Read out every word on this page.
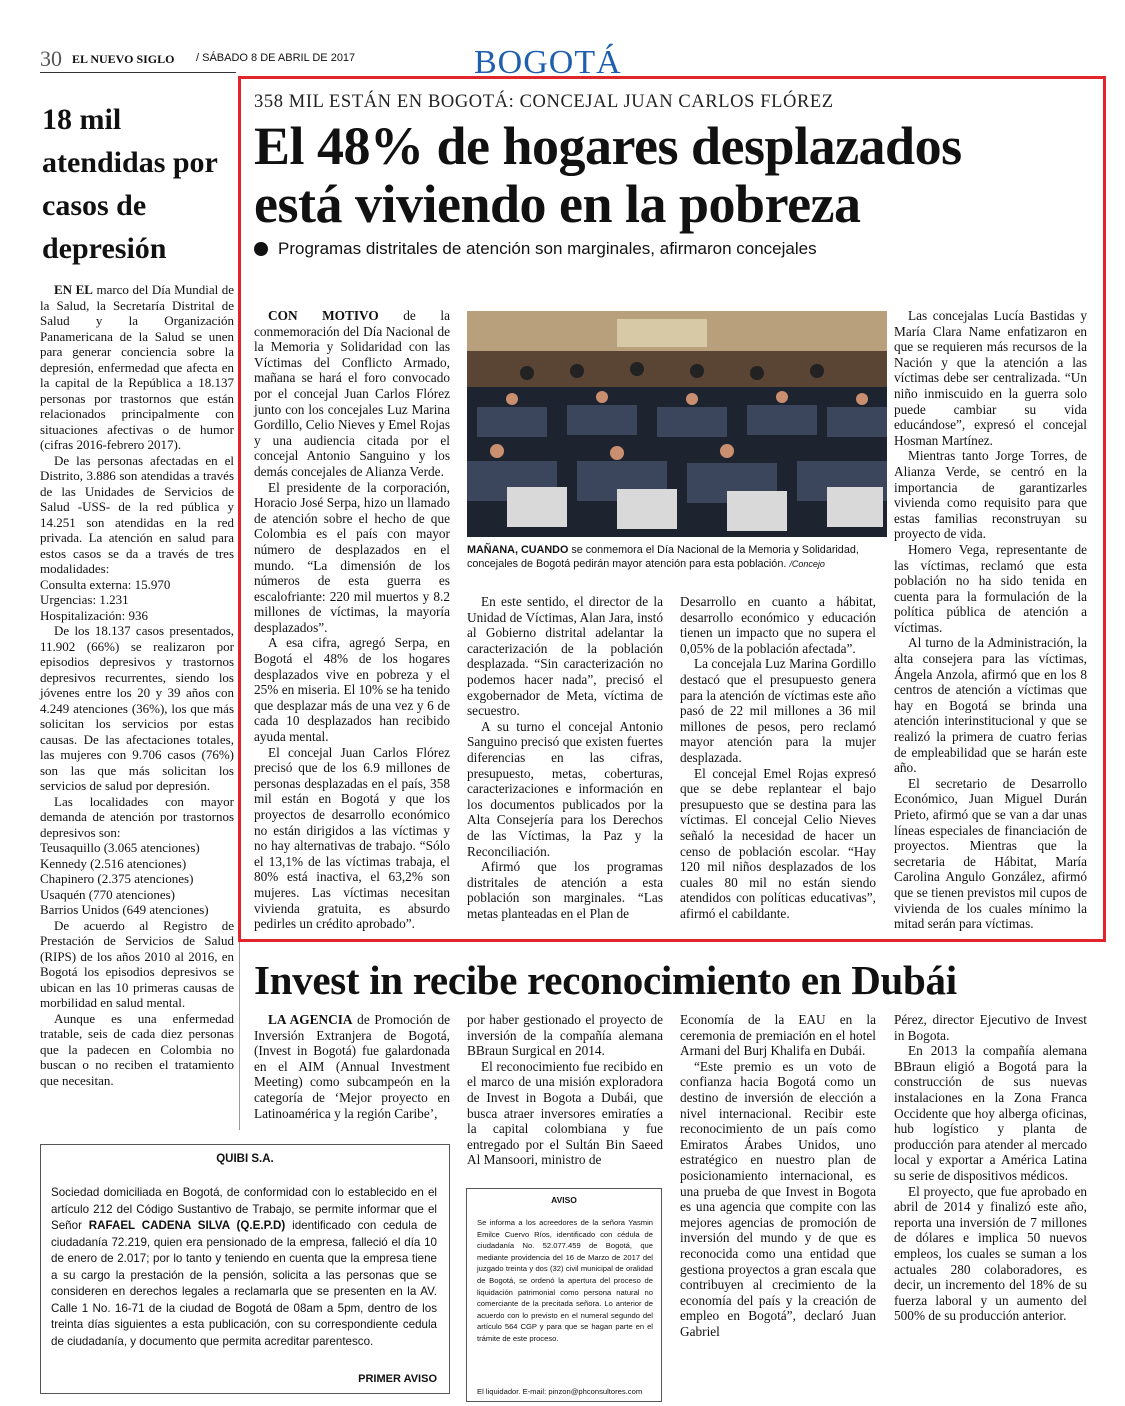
30 EL NUEVO SIGLO / SÁBADO 8 DE ABRIL DE 2017	BOGOTÁ
18 mil atendidas por casos de depresión

EN EL marco del Día Mundial de la Salud, la Secretaría Distrital de Salud y la Organización Panamericana de la Salud se unen para generar conciencia sobre la depresión, enfermedad que afecta en la capital de la República a 18.137 personas por trastornos que están relacionados principalmente con situaciones afectivas o de humor (cifras 2016-febrero 2017).

De las personas afectadas en el Distrito, 3.886 son atendidas a través de las Unidades de Servicios de Salud -USS- de la red pública y 14.251 son atendidas en la red privada. La atención en salud para estos casos se da a través de tres modalidades:

Consulta externa: 15.970
Urgencias: 1.231
Hospitalización: 936

De los 18.137 casos presentados, 11.902 (66%) se realizaron por episodios depresivos y trastornos depresivos recurrentes, siendo los jóvenes entre los 20 y 39 años con 4.249 atenciones (36%), los que más solicitan los servicios por estas causas. De las afectaciones totales, las mujeres con 9.706 casos (76%) son las que más solicitan los servicios de salud por depresión.

Las localidades con mayor demanda de atención por trastornos depresivos son:

Teusaquillo (3.065 atenciones)
Kennedy (2.516 atenciones)
Chapinero (2.375 atenciones)
Usaquén (770 atenciones)
Barrios Unidos (649 atenciones)

De acuerdo al Registro de Prestación de Servicios de Salud (RIPS) de los años 2010 al 2016, en Bogotá los episodios depresivos se ubican en las 10 primeras causas de morbilidad en salud mental.

Aunque es una enfermedad tratable, seis de cada diez personas que la padecen en Colombia no buscan o no reciben el tratamiento que necesitan.

358 MIL ESTÁN EN BOGOTÁ: CONCEJAL JUAN CARLOS FLÓREZ
El 48% de hogares desplazados
está viviendo en la pobreza
Programas distritales de atención son marginales, afirmaron concejales

CON MOTIVO de la conmemoración del Día Nacional de la Memoria y Solidaridad con las Víctimas del Conflicto Armado, mañana se hará el foro convocado por el concejal Juan Carlos Flórez junto con los concejales Luz Marina Gordillo, Celio Nieves y Emel Rojas y una audiencia citada por el concejal Antonio Sanguino y los demás concejales de Alianza Verde.

El presidente de la corporación, Horacio José Serpa, hizo un llamado de atención sobre el hecho de que Colombia es el país con mayor número de desplazados en el mundo. “La dimensión de los números de esta guerra es escalofriante: 220 mil muertos y 8.2 millones de víctimas, la mayoría desplazados”.

A esa cifra, agregó Serpa, en Bogotá el 48% de los hogares desplazados vive en pobreza y el 25% en miseria. El 10% se ha tenido que desplazar más de una vez y 6 de cada 10 desplazados han recibido ayuda mental.

El concejal Juan Carlos Flórez precisó que de los 6.9 millones de personas desplazadas en el país, 358 mil están en Bogotá y que los proyectos de desarrollo económico no están dirigidos a las víctimas y no hay alternativas de trabajo. “Sólo el 13,1% de las víctimas trabaja, el 80% está inactiva, el 63,2% son mujeres. Las víctimas necesitan vivienda gratuita, es absurdo pedirles un crédito aprobado”.

MAÑANA, CUANDO se conmemora el Día Nacional de la Memoria y Solidaridad, concejales de Bogotá pedirán mayor atención para esta población. /Concejo

En este sentido, el director de la Unidad de Víctimas, Alan Jara, instó al Gobierno distrital adelantar la caracterización de la población desplazada. “Sin caracterización no podemos hacer nada”, precisó el exgobernador de Meta, víctima de secuestro.

A su turno el concejal Antonio Sanguino precisó que existen fuertes diferencias en las cifras, presupuesto, metas, coberturas, caracterizaciones e información en los documentos publicados por la Alta Consejería para los Derechos de las Víctimas, la Paz y la Reconciliación.

Afirmó que los programas distritales de atención a esta población son marginales. “Las metas planteadas en el Plan de

Desarrollo en cuanto a hábitat, desarrollo económico y educación tienen un impacto que no supera el 0,05% de la población afectada”.

La concejala Luz Marina Gordillo destacó que el presupuesto genera para la atención de víctimas este año pasó de 22 mil millones a 36 mil millones de pesos, pero reclamó mayor atención para la mujer desplazada.

El concejal Emel Rojas expresó que se debe replantear el bajo presupuesto que se destina para las víctimas. El concejal Celio Nieves señaló la necesidad de hacer un censo de población escolar. “Hay 120 mil niños desplazados de los cuales 80 mil no están siendo atendidos con políticas educativas”, afirmó el cabildante.

Las concejalas Lucía Bastidas y María Clara Name enfatizaron en que se requieren más recursos de la Nación y que la atención a las víctimas debe ser centralizada. “Un niño inmiscuido en la guerra solo puede cambiar su vida educándose”, expresó el concejal Hosman Martínez.

Mientras tanto Jorge Torres, de Alianza Verde, se centró en la importancia de garantizarles vivienda como requisito para que estas familias reconstruyan su proyecto de vida.

Homero Vega, representante de las víctimas, reclamó que esta población no ha sido tenida en cuenta para la formulación de la política pública de atención a víctimas.

Al turno de la Administración, la alta consejera para las víctimas, Ángela Anzola, afirmó que en los 8 centros de atención a víctimas que hay en Bogotá se brinda una atención interinstitucional y que se realizó la primera de cuatro ferias de empleabilidad que se harán este año.

El secretario de Desarrollo Económico, Juan Miguel Durán Prieto, afirmó que se van a dar unas líneas especiales de financiación de proyectos. Mientras que la secretaria de Hábitat, María Carolina Angulo González, afirmó que se tienen previstos mil cupos de vivienda de los cuales mínimo la mitad serán para víctimas.

Invest in recibe reconocimiento en Dubái

LA AGENCIA de Promoción de Inversión Extranjera de Bogotá, (Invest in Bogotá) fue galardonada en el AIM (Annual Investment Meeting) como subcampeón en la categoría de ‘Mejor proyecto en Latinoamérica y la región Caribe’,

por haber gestionado el proyecto de inversión de la compañía alemana BBraun Surgical en 2014.

El reconocimiento fue recibido en el marco de una misión exploradora de Invest in Bogota a Dubái, que busca atraer inversores emiratíes a la capital colombiana y fue entregado por el Sultán Bin Saeed Al Mansoori, ministro de

Economía de la EAU en la ceremonia de premiación en el hotel Armani del Burj Khalifa en Dubái.

“Este premio es un voto de confianza hacia Bogotá como un destino de inversión de elección a nivel internacional. Recibir este reconocimiento de un país como Emiratos Árabes Unidos, uno estratégico en nuestro plan de posicionamiento internacional, es una prueba de que Invest in Bogota es una agencia que compite con las mejores agencias de promoción de inversión del mundo y de que es reconocida como una entidad que gestiona proyectos a gran escala que contribuyen al crecimiento de la economía del país y la creación de empleo en Bogotá”, declaró Juan Gabriel

Pérez, director Ejecutivo de Invest in Bogota.

En 2013 la compañía alemana BBraun eligió a Bogotá para la construcción de sus nuevas instalaciones en la Zona Franca Occidente que hoy alberga oficinas, hub logístico y planta de producción para atender al mercado local y exportar a América Latina su serie de dispositivos médicos.

El proyecto, que fue aprobado en abril de 2014 y finalizó este año, reporta una inversión de 7 millones de dólares e implica 50 nuevos empleos, los cuales se suman a los actuales 280 colaboradores, es decir, un incremento del 18% de su fuerza laboral y un aumento del 500% de su producción anterior.

QUIBI S.A.
Sociedad domiciliada en Bogotá, de conformidad con lo establecido en el artículo 212 del Código Sustantivo de Trabajo, se permite informar que el Señor RAFAEL CADENA SILVA (Q.E.P.D) identificado con cedula de ciudadanía 72.219, quien era pensionado de la empresa, falleció el día 10 de enero de 2.017; por lo tanto y teniendo en cuenta que la empresa tiene a su cargo la prestación de la pensión, solicita a las personas que se consideren en derechos legales a reclamarla que se presenten en la AV. Calle 1 No. 16-71 de la ciudad de Bogotá de 08am a 5pm, dentro de los treinta días siguientes a esta publicación, con su correspondiente cedula de ciudadanía, y documento que permita acreditar parentesco.
PRIMER AVISO
AVISO
Se informa a los acreedores de la señora Yasmin Emilce Cuervo Ríos, identificado con cédula de ciudadanía No. 52.077.459 de Bogotá, que mediante providencia del 16 de Marzo de 2017 del juzgado treinta y dos (32) civil municipal de oralidad de Bogotá, se ordenó la apertura del proceso de liquidación patrimonial como persona natural no comerciante de la precitada señora. Lo anterior de acuerdo con lo previsto en el numeral segundo del artículo 564 CGP y para que se hagan parte en el trámite de este proceso.
El liquidador. E-mail: pinzon@phconsultores.com
